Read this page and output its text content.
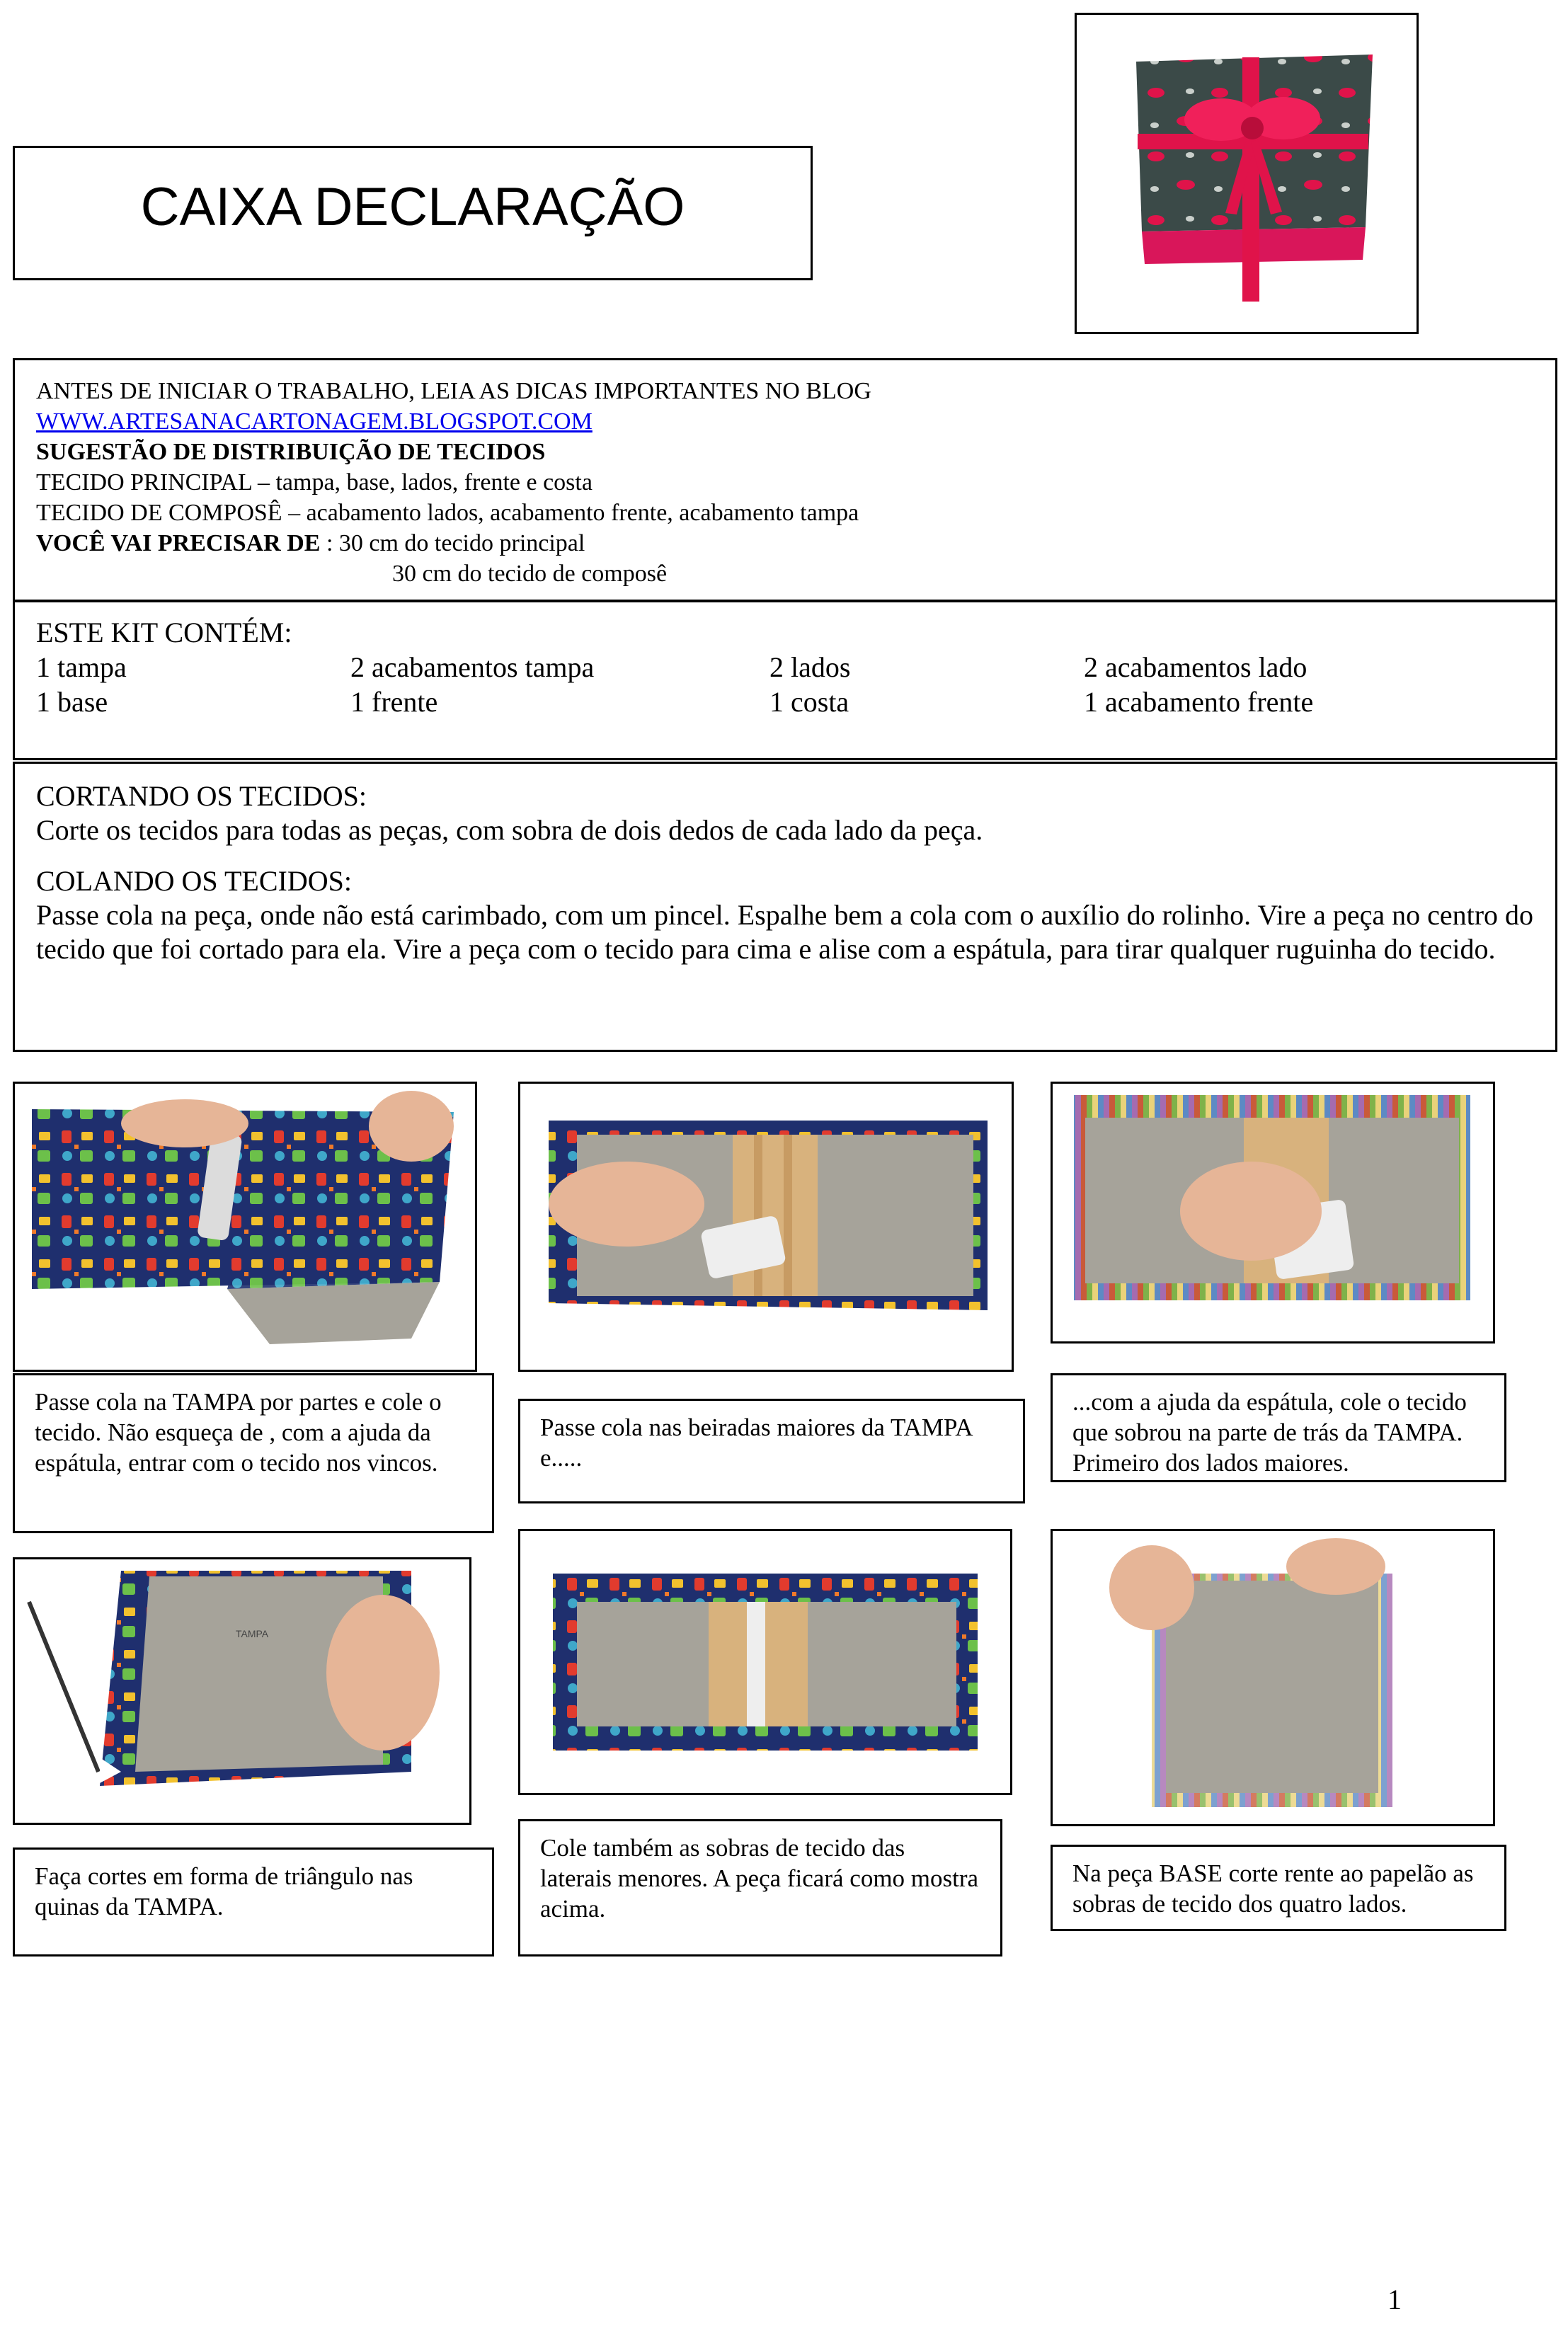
CAIXA DECLARAÇÃO

ANTES DE INICIAR O TRABALHO, LEIA AS DICAS IMPORTANTES NO BLOG

WWW.ARTESANACARTONAGEM.BLOGSPOT.COM

SUGESTÃO DE DISTRIBUIÇÃO DE TECIDOS

TECIDO PRINCIPAL – tampa, base, lados, frente e costa

TECIDO DE COMPOSÊ – acabamento lados, acabamento frente, acabamento tampa

VOCÊ VAI PRECISAR DE : 30 cm do tecido principal

30 cm do tecido de composê

ESTE KIT CONTÉM:
1 tampa	2 acabamentos tampa	2 lados	2 acabamentos lado
1 base	1 frente	1 costa	1 acabamento frente

CORTANDO OS TECIDOS:

Corte os tecidos para todas as peças, com sobra de dois dedos de cada lado da peça.

COLANDO OS TECIDOS:

Passe cola na peça, onde não está carimbado, com um pincel. Espalhe bem a cola com o auxílio do rolinho. Vire a peça no centro do tecido que foi cortado para ela. Vire a peça com o tecido para cima e alise com a espátula, para tirar qualquer ruguinha do tecido.

Passe cola na TAMPA por partes e cole o tecido. Não esqueça de , com a ajuda da espátula, entrar com o tecido nos vincos.
Passe cola nas beiradas maiores da TAMPA e.....
...com a ajuda da espátula, cole o tecido que sobrou na parte de trás da TAMPA. Primeiro dos lados maiores.
TAMPA
Faça cortes em forma de triângulo nas quinas da TAMPA.
Cole também as sobras de tecido das laterais menores. A peça ficará como mostra acima.
Na peça BASE corte rente ao papelão as sobras de tecido dos quatro lados.
1
